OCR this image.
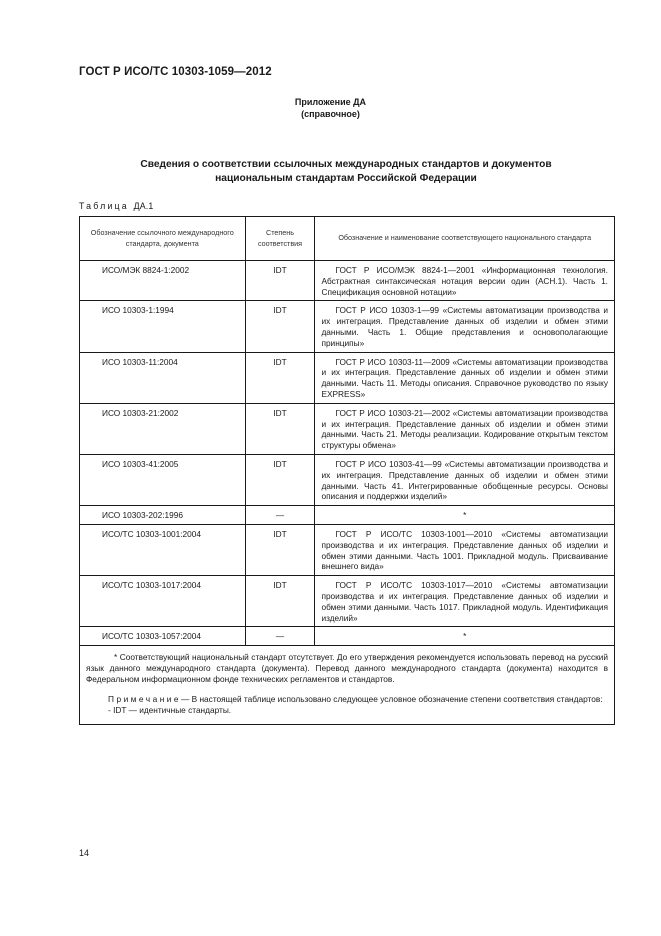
ГОСТ Р ИСО/ТС 10303-1059—2012
Приложение ДА
(справочное)
Сведения о соответствии ссылочных международных стандартов и документов
национальным стандартам Российской Федерации
Таблица ДА.1
Обозначение ссылочного международного стандарта, документа	Степень соответствия	Обозначение и наименование соответствующего национального стандарта
ИСО/МЭК 8824-1:2002	IDT	ГОСТ Р ИСО/МЭК 8824-1—2001 «Информационная технология. Абстрактная синтаксическая нотация версии один (АСН.1). Часть 1. Спецификация основной нотации»
ИСО 10303-1:1994	IDT	ГОСТ Р ИСО 10303-1—99 «Системы автоматизации производства и их интеграция. Представление данных об изделии и обмен этими данными. Часть 1. Общие представления и основополагающие принципы»
ИСО 10303-11:2004	IDT	ГОСТ Р ИСО 10303-11—2009 «Системы автоматизации производства и их интеграция. Представление данных об изделии и обмен этими данными. Часть 11. Методы описания. Справочное руководство по языку EXPRESS»
ИСО 10303-21:2002	IDT	ГОСТ Р ИСО 10303-21—2002 «Системы автоматизации производства и их интеграция. Представление данных об изделии и обмен этими данными. Часть 21. Методы реализации. Кодирование открытым текстом структуры обмена»
ИСО 10303-41:2005	IDT	ГОСТ Р ИСО 10303-41—99 «Системы автоматизации производства и их интеграция. Представление данных об изделии и обмен этими данными. Часть 41. Интегрированные обобщенные ресурсы. Основы описания и поддержки изделий»
ИСО 10303-202:1996	—	*
ИСО/ТС 10303-1001:2004	IDT	ГОСТ Р ИСО/ТС 10303-1001—2010 «Системы автоматизации производства и их интеграция. Представление данных об изделии и обмен этими данными. Часть 1001. Прикладной модуль. Присваивание внешнего вида»
ИСО/ТС 10303-1017:2004	IDT	ГОСТ Р ИСО/ТС 10303-1017—2010 «Системы автоматизации производства и их интеграция. Представление данных об изделии и обмен этими данными. Часть 1017. Прикладной модуль. Идентификация изделий»
ИСО/ТС 10303-1057:2004	—	*

* Соответствующий национальный стандарт отсутствует. До его утверждения рекомендуется использовать перевод на русский язык данного международного стандарта (документа). Перевод данного международного стандарта (документа) находится в Федеральном информационном фонде технических регламентов и стандартов.

Примечание— В настоящей таблице использовано следующее условное обозначение степени соответствия стандартов:

- IDT — идентичные стандарты.		

14
